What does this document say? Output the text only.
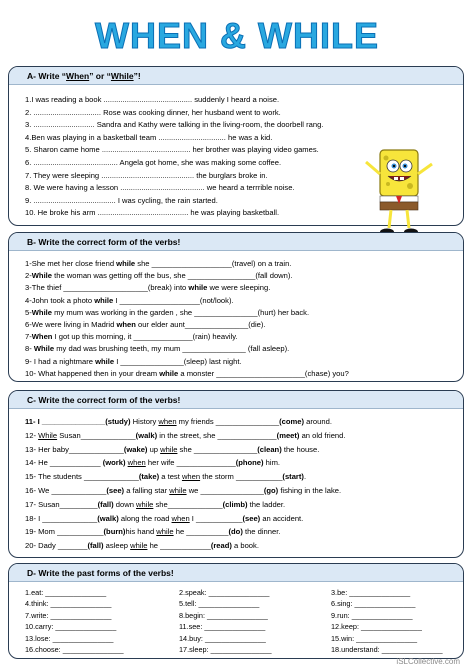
WHEN & WHILE
A- Write “When” or “While”!
1.I was reading a book .......................................... suddenly I heard a noise.
2. ................................ Rose was cooking dinner, her husband went to work.
3. ............................. Sandra and Kathy were talking in the living-room, the doorbell rang.
4.Ben was playing in a basketball team ................................ he was a kid.
5. Sharon came home .......................................... her brother was playing video games.
6. ........................................ Angela got home, she was making some coffee.
7. They were sleeping ............................................ the burglars broke in.
8. We were having a lesson ........................................ we heard a terrrible noise.
9. ....................................... I was cycling, the rain started.
10. He broke his arm ........................................... he was playing basketball.
B- Write the correct form of the verbs!
1-She met her close friend while she ___________________(travel) on a train.
2-While the woman was getting off the bus, she ________________(fall down).
3-The thief ____________________(break) into while we were sleeping.
4-John took a photo while I ___________________(not/look).
5-While my mum was working in the garden , she _______________(hurt) her back.
6-We were living in Madrid when our elder aunt_______________(die).
7-When I got up this morning, it ______________(rain) heavily.
8- While my dad was brushing teeth, my mum _______________ (fall asleep).
9- I had a nightmare while I _______________(sleep) last night.
10- What happened then in your dream while a monster _____________________(chase) you?
C- Write the correct form of the verbs!
11- I _______________(study) History when my friends _______________(come) around.
12- While Susan_____________(walk) in the street, she ______________(meet) an old friend.
13- Her baby_____________(wake) up while she _______________(clean) the house.
14- He ____________ (work) when her wife ______________(phone) him.
15- The students _____________(take) a test when the storm ___________(start).
16- We _____________(see) a falling star while we _______________(go) fishing in the lake.
17- Susan_________(fall) down while she_____________(climb) the ladder.
18- I _____________(walk) along the road when I ___________(see) an accident.
19- Mom ___________(burn)his hand while he __________(do) the dinner.
20- Dady _______(fall) asleep while he ____________(read) a book.
D- Write the past forms of the verbs!
1.eat: _______________	2.speak: _______________	3.be: _______________
4.think: _______________	5.tell: _______________	6.sing: _______________
7.write: _______________	8.begin: _______________	9.run: _______________
10.carry: _______________	11.see: _______________	12.keep: _______________
13.lose: _______________	14.buy: _______________	15.win: _______________
16.choose: _______________	17.sleep: _______________	18.understand: _______________
iSLCollective.com
